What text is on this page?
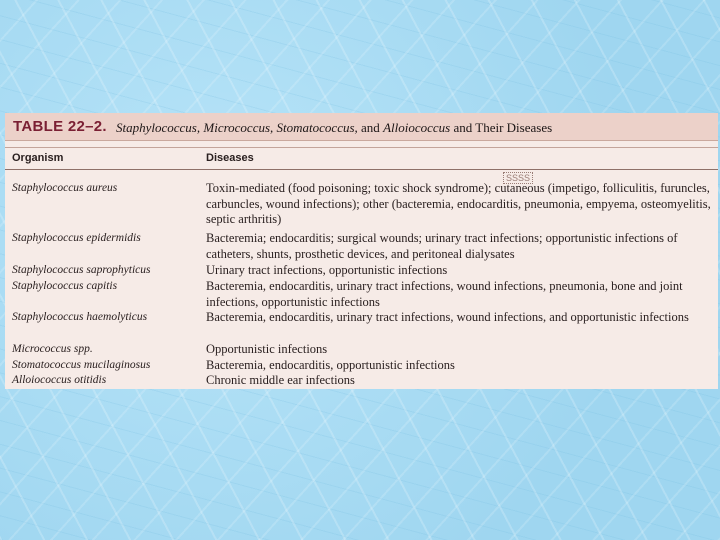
TABLE 22–2. Staphylococcus, Micrococcus, Stomatococcus, and Alloiococcus and Their Diseases
Organism	Diseases
SSSS
Staphylococcus aureus	Toxin-mediated (food poisoning; toxic shock syndrome); cutaneous (impetigo, folliculitis, furuncles, carbuncles, wound infections); other (bacteremia, endocarditis, pneumonia, empyema, osteomyelitis, septic arthritis)
Staphylococcus epidermidis	Bacteremia; endocarditis; surgical wounds; urinary tract infections; opportunistic infections of catheters, shunts, prosthetic devices, and peritoneal dialysates
Staphylococcus saprophyticus	Urinary tract infections, opportunistic infections
Staphylococcus capitis	Bacteremia, endocarditis, urinary tract infections, wound infections, pneumonia, bone and joint infections, opportunistic infections
Staphylococcus haemolyticus	Bacteremia, endocarditis, urinary tract infections, wound infections, and opportunistic infections
Micrococcus spp.	Opportunistic infections
Stomatococcus mucilaginosus	Bacteremia, endocarditis, opportunistic infections
Alloiococcus otitidis	Chronic middle ear infections
